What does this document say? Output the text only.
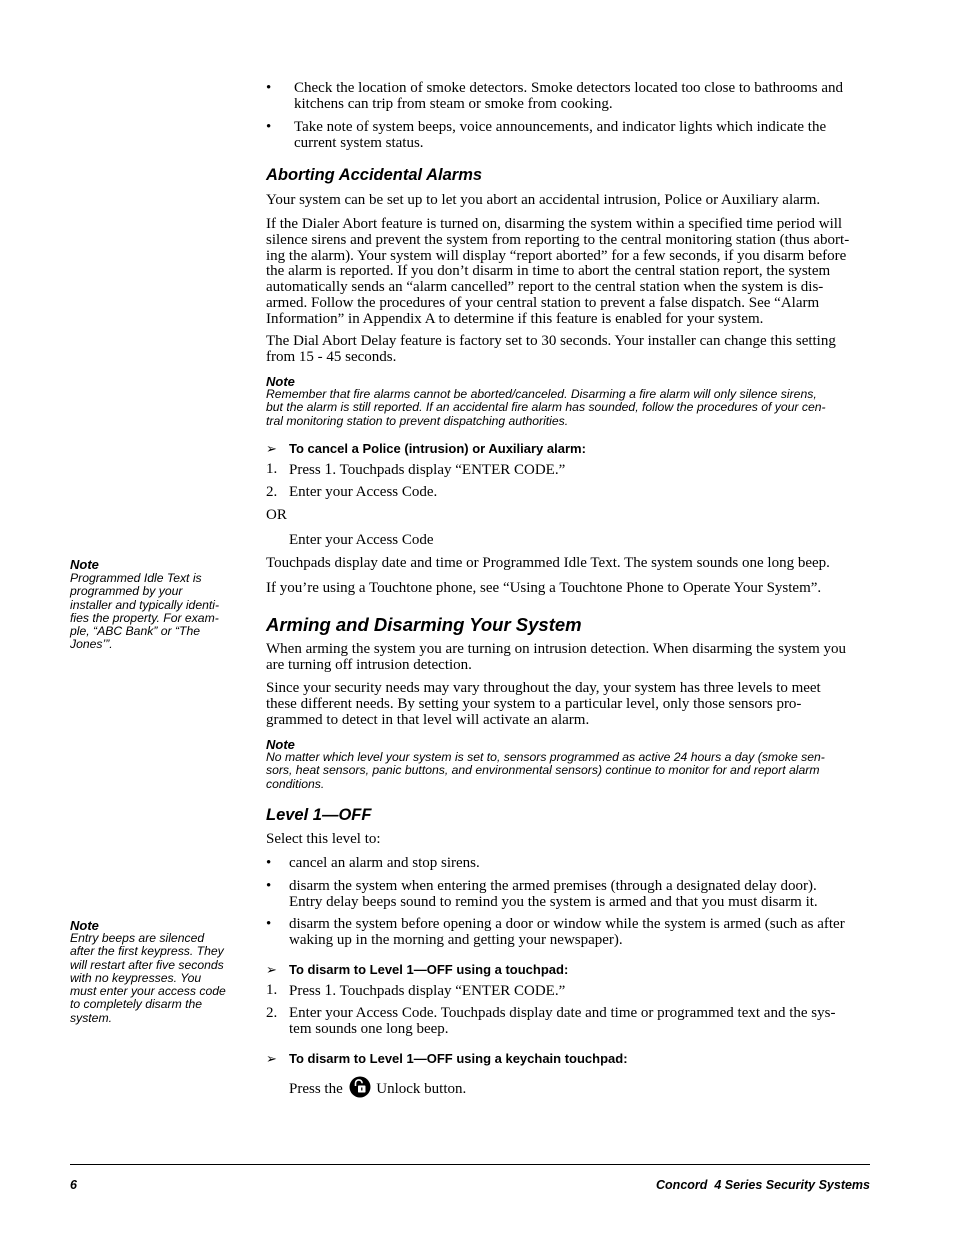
• Check the location of smoke detectors. Smoke detectors located too close to bathrooms and
kitchens can trip from steam or smoke from cooking.
• Take note of system beeps, voice announcements, and indicator lights which indicate the
current system status.
Aborting Accidental Alarms
Your system can be set up to let you abort an accidental intrusion, Police or Auxiliary alarm.
If the Dialer Abort feature is turned on, disarming the system within a specified time period will
silence sirens and prevent the system from reporting to the central monitoring station (thus abort-
ing the alarm). Your system will display “report aborted” for a few seconds, if you disarm before
the alarm is reported. If you don’t disarm in time to abort the central station report, the system
automatically sends an “alarm cancelled” report to the central station when the system is dis-
armed. Follow the procedures of your central station to prevent a false dispatch. See “Alarm
Information” in Appendix A to determine if this feature is enabled for your system.
The Dial Abort Delay feature is factory set to 30 seconds. Your installer can change this setting
from 15 - 45 seconds.
Note
Remember that fire alarms cannot be aborted/canceled. Disarming a fire alarm will only silence sirens,
but the alarm is still reported. If an accidental fire alarm has sounded, follow the procedures of your cen-
tral monitoring station to prevent dispatching authorities.
➢ To cancel a Police (intrusion) or Auxiliary alarm:
1. Press 1. Touchpads display “ENTER CODE.”
2. Enter your Access Code.
OR
Enter your Access Code
Touchpads display date and time or Programmed Idle Text. The system sounds one long beep.
If you’re using a Touchtone phone, see “Using a Touchtone Phone to Operate Your System”.
Note
Programmed Idle Text is
programmed by your
installer and typically identi-
fies the property. For exam-
ple, “ABC Bank” or “The
Jones’”.
Arming and Disarming Your System
When arming the system you are turning on intrusion detection. When disarming the system you
are turning off intrusion detection.
Since your security needs may vary throughout the day, your system has three levels to meet
these different needs. By setting your system to a particular level, only those sensors pro-
grammed to detect in that level will activate an alarm.
Note
No matter which level your system is set to, sensors programmed as active 24 hours a day (smoke sen-
sors, heat sensors, panic buttons, and environmental sensors) continue to monitor for and report alarm
conditions.
Level 1—OFF
Select this level to:
• cancel an alarm and stop sirens.
• disarm the system when entering the armed premises (through a designated delay door).
Entry delay beeps sound to remind you the system is armed and that you must disarm it.
• disarm the system before opening a door or window while the system is armed (such as after
waking up in the morning and getting your newspaper).
➢ To disarm to Level 1—OFF using a touchpad:
1. Press 1. Touchpads display “ENTER CODE.”
2. Enter your Access Code. Touchpads display date and time or programmed text and the sys-
tem sounds one long beep.
➢ To disarm to Level 1—OFF using a keychain touchpad:
Press the Unlock button.
Note
Entry beeps are silenced
after the first keypress. They
will restart after five seconds
with no keypresses. You
must enter your access code
to completely disarm the
system.
6	Concord  4 Series Security Systems
